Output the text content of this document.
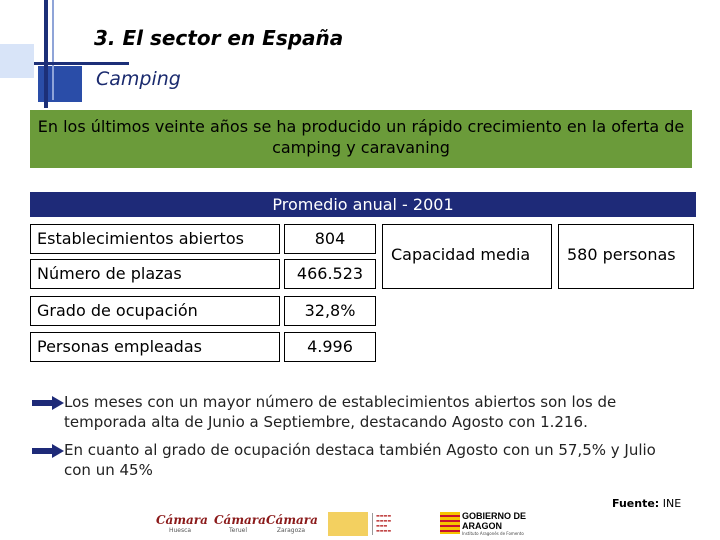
3. El sector en España
Camping
En los últimos veinte años se ha producido un rápido crecimiento en la oferta de camping y caravaning
Promedio anual - 2001
Establecimientos abiertos	804
Número de plazas	466.523
Grado de ocupación	32,8%
Personas empleadas	4.996
Capacidad media	580 personas
Los meses con un mayor número de establecimientos abiertos son los de temporada alta de Junio a Septiembre, destacando Agosto con 1.216.
En cuanto al grado de ocupación destaca también Agosto con un 57,5% y Julio con un 45%
Fuente: INE
Cámara
Huesca
Cámara
Teruel
Cámara
Zaragoza
▬▬▬▬
▬▬▬▬
▬▬▬
▬▬▬▬
GOBIERNO DE ARAGON
Instituto Aragonés de Fomento
